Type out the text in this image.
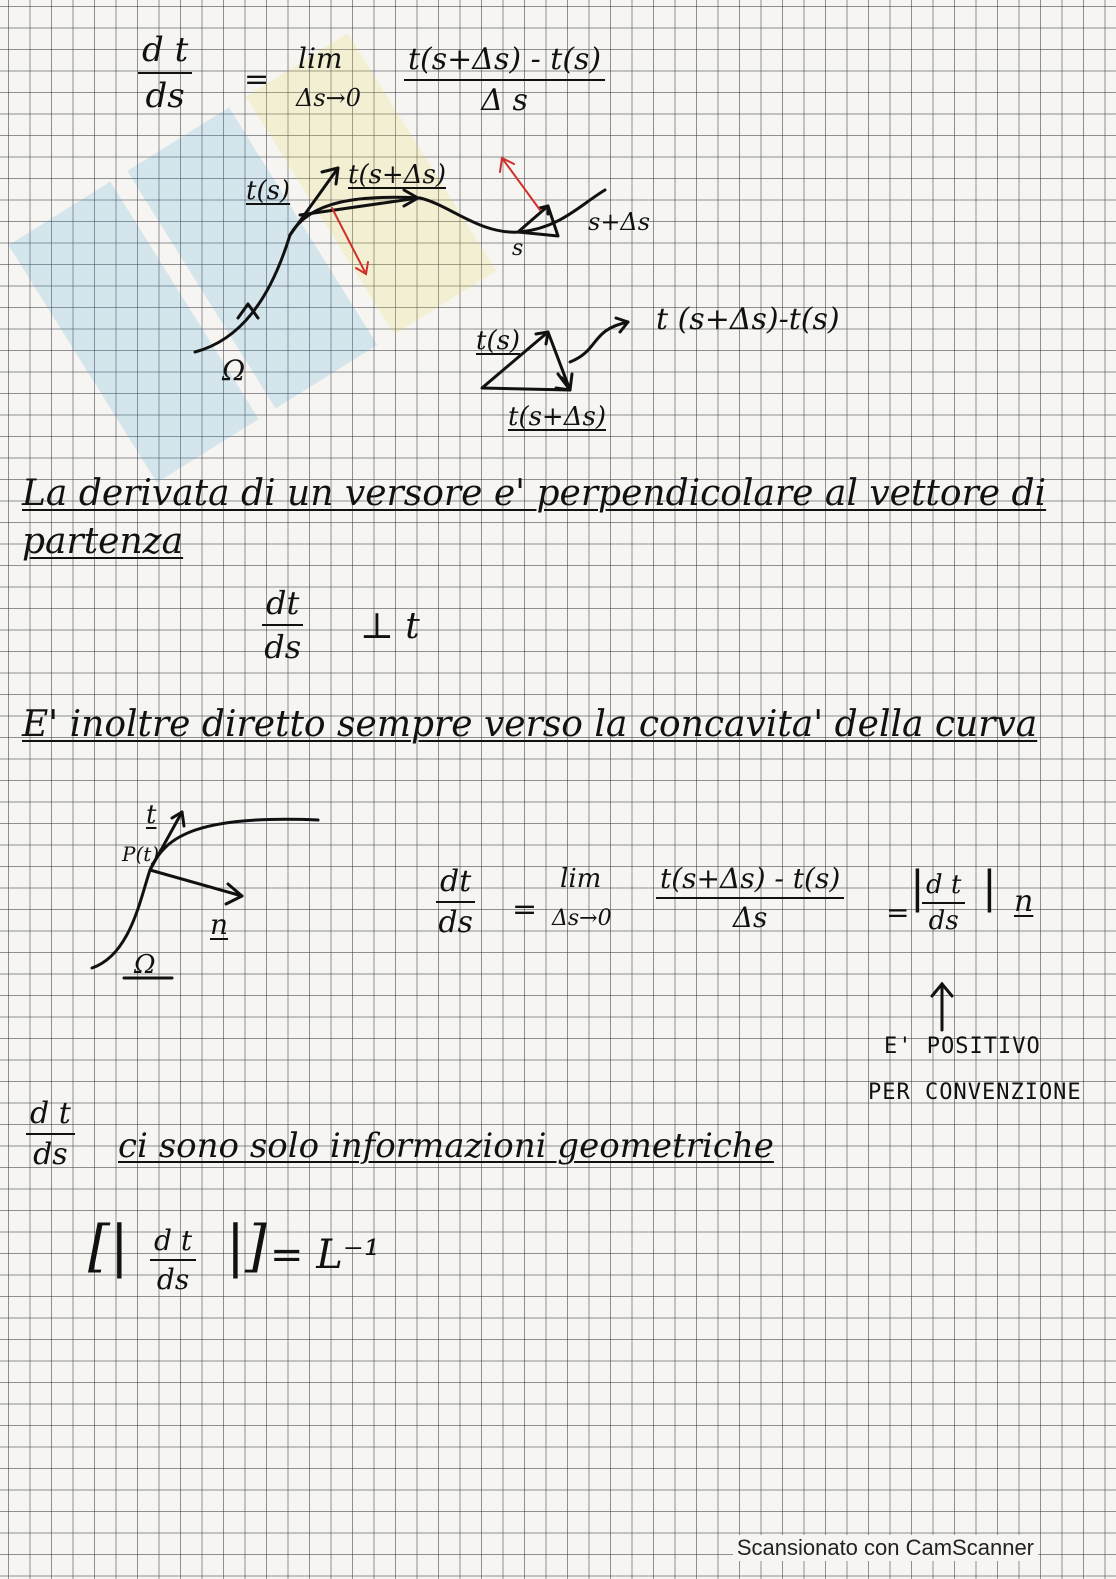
$\frac{\text{d t}}{ds}$ =
lim
$\Delta s\to 0 \frac{t(s+\Delta s) - t(s)}{\text{Δ s}}$
t(s)
t(s+Δs)
s+Δs
s
Ω
t(s)
t(s+Δs)
t (s+Δs)-t(s)
La derivata di un versore e' perpendicolare al vettore di partenza
$\frac{dt}{ds}$ ⊥ t
E' inoltre diretto sempre verso la concavita' della curva
t
P(t)
n
Ω
$\frac{dt}{ds}$ =
lim
$\Delta s\to 0 \frac{t(s+\Delta s) - t(s)}{\Delta s}$ = |
$\frac{\text{d t}}{ds}$ | n
E' POSITIVO
PER CONVENZIONE
$\frac{\text{d t}}{ds}$ ci sono solo informazioni geometriche
[| $\frac{\text{d t}}{ds}$ |] = L⁻¹
Scansionato con CamScanner
